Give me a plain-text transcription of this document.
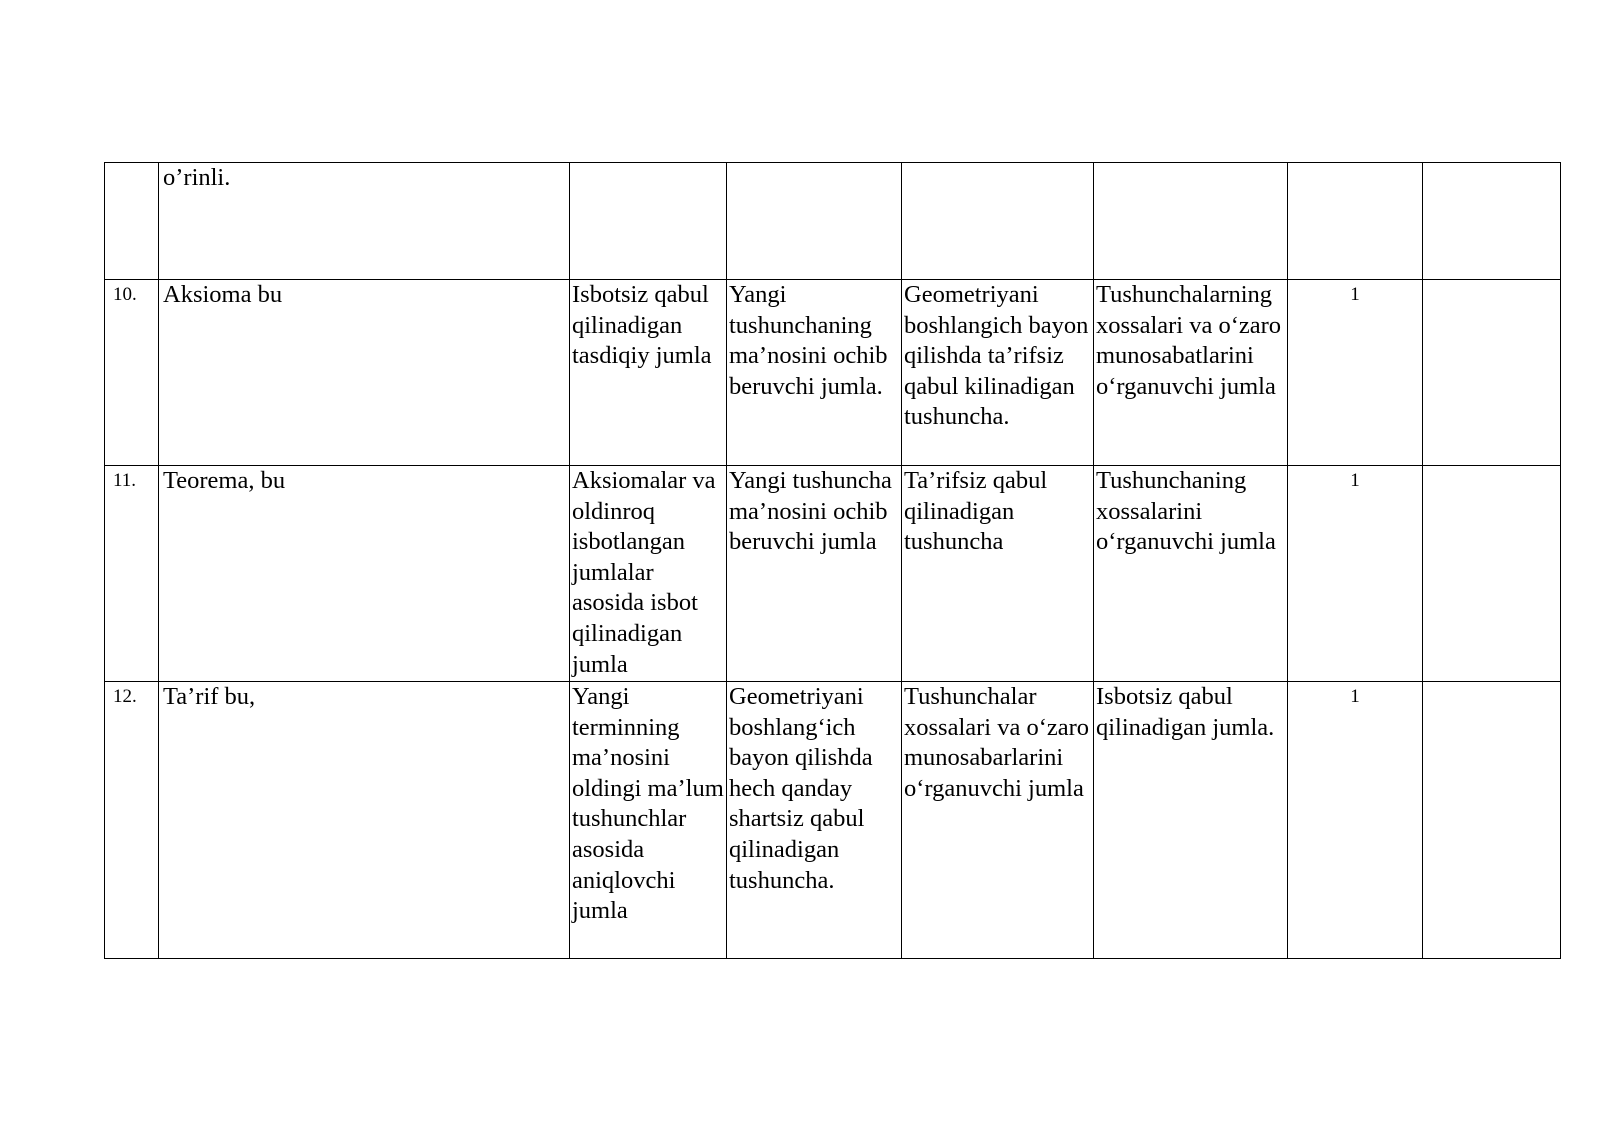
	o’rinli.						
10.	Aksioma bu	Isbotsiz qabul qilinadigan tasdiqiy jumla	Yangi tushunchaning ma’nosini ochib beruvchi jumla.	Geometriyani boshlangich bayon qilishda ta’rifsiz qabul kilinadigan tushuncha.	Tushunchalarning xossalari va o‘zaro munosabatlarini o‘rganuvchi jumla	1	
11.	Teorema, bu	Aksiomalar va oldinroq isbotlangan jumlalar asosida isbot qilinadigan jumla	Yangi tushuncha ma’nosini ochib beruvchi jumla	Ta’rifsiz qabul qilinadigan tushuncha	Tushunchaning xossalarini o‘rganuvchi jumla	1	
12.	Ta’rif bu,	Yangi terminning ma’nosini oldingi ma’lum tushunchlar asosida aniqlovchi jumla	Geometriyani boshlang‘ich bayon qilishda hech qanday shartsiz qabul qilinadigan tushuncha.	Tushunchalar xossalari va o‘zaro munosabarlarini o‘rganuvchi jumla	Isbotsiz qabul qilinadigan jumla.	1	
